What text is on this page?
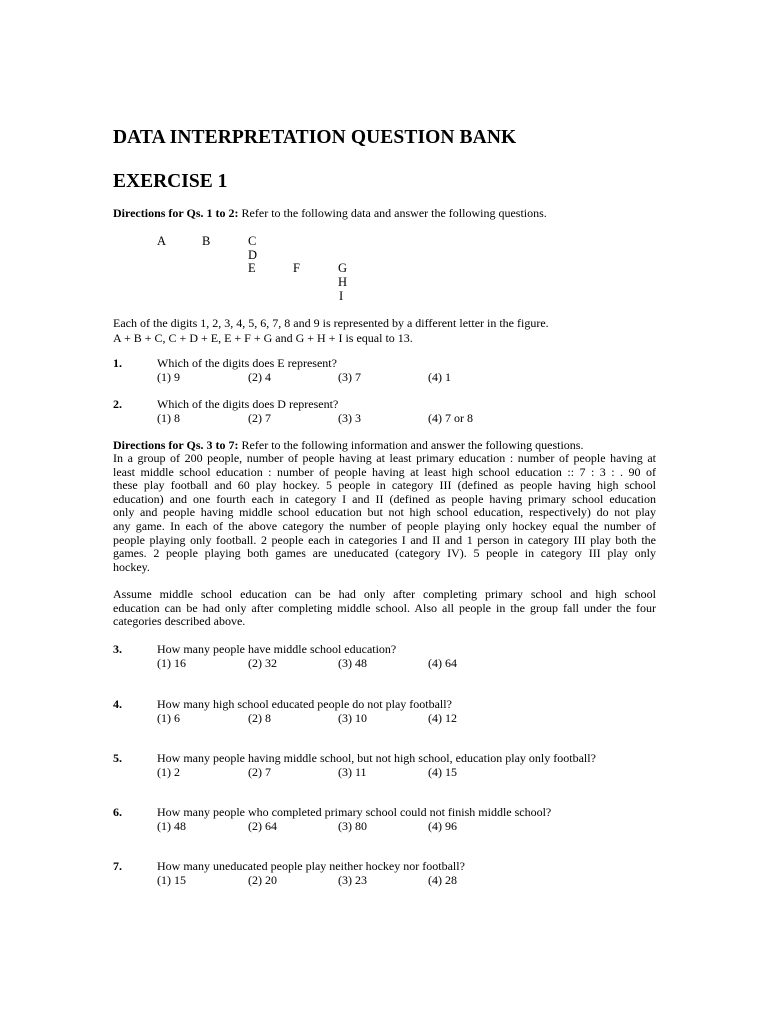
DATA INTERPRETATION QUESTION BANK
EXERCISE 1
Directions for Qs. 1 to 2: Refer to the following data and answer the following questions.
A	B	C
D
E	F	G
H
I
Each of the digits 1, 2, 3, 4, 5, 6, 7, 8 and 9 is represented by a different letter in the figure.
A + B + C, C + D + E, E + F + G and G + H + I is equal to 13.
1.	Which of the digits does E represent?
(1) 9	(2) 4	(3) 7	(4) 1
2.	Which of the digits does D represent?
(1) 8	(2) 7	(3) 3	(4) 7 or 8
Directions for Qs. 3 to 7: Refer to the following information and answer the following questions.
In a group of 200 people, number of people having at least primary education : number of people having at
least middle school education : number of people having at least high school education :: 7 : 3 : . 90 of
these play football and 60 play hockey. 5 people in category III (defined as people having high school
education) and one fourth each in category I and II (defined as people having primary school education
only and people having middle school education but not high school education, respectively) do not play
any game. In each of the above category the number of people playing only hockey equal the number of
people playing only football. 2 people each in categories I and II and 1 person in category III play both the
games. 2 people playing both games are uneducated (category IV). 5 people in category III play only
hockey.
Assume middle school education can be had only after completing primary school and high school
education can be had only after completing middle school. Also all people in the group fall under the four
categories described above.
3.	How many people have middle school education?
(1) 16	(2) 32	(3) 48	(4) 64
4.	How many high school educated people do not play football?
(1) 6	(2) 8	(3) 10	(4) 12
5.	How many people having middle school, but not high school, education play only football?
(1) 2	(2) 7	(3) 11	(4) 15
6.	How many people who completed primary school could not finish middle school?
(1) 48	(2) 64	(3) 80	(4) 96
7.	How many uneducated people play neither hockey nor football?
(1) 15	(2) 20	(3) 23	(4) 28
